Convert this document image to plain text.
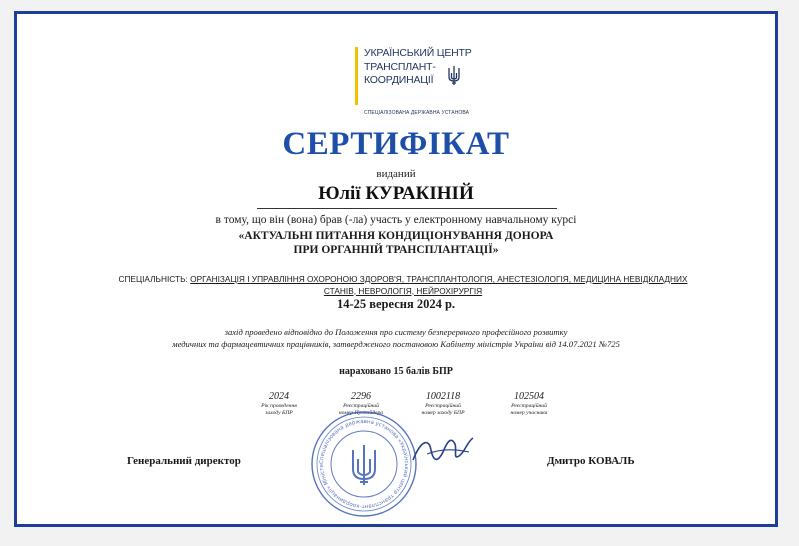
УКРАЇНСЬКИЙ ЦЕНТР
ТРАНСПЛАНТ-
КООРДИНАЦІЇ
СПЕЦІАЛІЗОВАНА ДЕРЖАВНА УСТАНОВА
СЕРТИФІКАТ
виданий
Юлії КУРАКІНІЙ
в тому, що він (вона) брав (-ла) участь у електронному навчальному курсі
«АКТУАЛЬНІ ПИТАННЯ КОНДИЦІОНУВАННЯ ДОНОРА
ПРИ ОРГАННІЙ ТРАНСПЛАНТАЦІЇ»
СПЕЦІАЛЬНІСТЬ: ОРГАНІЗАЦІЯ І УПРАВЛІННЯ ОХОРОНОЮ ЗДОРОВ'Я, ТРАНСПЛАНТОЛОГІЯ, АНЕСТЕЗІОЛОГІЯ, МЕДИЦИНА НЕВІДКЛАДНИХ
СТАНІВ, НЕВРОЛОГІЯ, НЕЙРОХІРУРГІЯ
14-25 вересня 2024 р.
захід проведено відповідно до Положення про систему безперервного професійного розвитку
медичних та фармацевтичних працівників, затвердженого постановою Кабінету міністрів України від 14.07.2021 №725
нараховано 15 балів БПР
2024
Рік проведення
заходу БПР
2296
Реєстраційний
номер Провайдера
1002118
Реєстраційний
номер заходу БПР
102504
Реєстраційний
номер учасника
Генеральний директор	Дмитро КОВАЛЬ
Спеціалізована державна установа «Український центр трансплант-координації» Міністе
